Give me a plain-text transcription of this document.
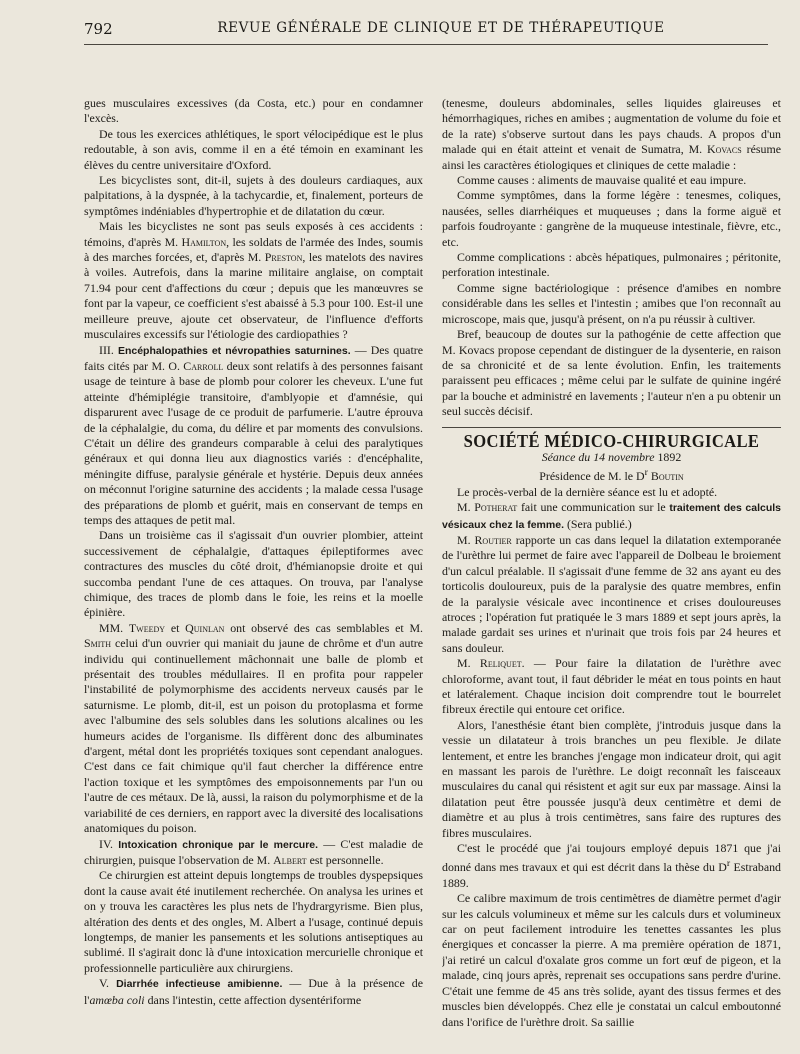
792	REVUE GÉNÉRALE DE CLINIQUE ET DE THÉRAPEUTIQUE

gues musculaires excessives (da Costa, etc.) pour en condamner l'excès.

De tous les exercices athlétiques, le sport vélocipédique est le plus redoutable, à son avis, comme il en a été témoin en examinant les élèves du centre universitaire d'Oxford.

Les bicyclistes sont, dit-il, sujets à des douleurs cardiaques, aux palpitations, à la dyspnée, à la tachycardie, et, finalement, porteurs de symptômes indéniables d'hypertrophie et de dilatation du cœur.

Mais les bicyclistes ne sont pas seuls exposés à ces accidents : témoins, d'après M. Hamilton, les soldats de l'armée des Indes, soumis à des marches forcées, et, d'après M. Preston, les matelots des navires à voiles. Autrefois, dans la marine militaire anglaise, on comptait 71.94 pour cent d'affections du cœur ; depuis que les manœuvres se font par la vapeur, ce coefficient s'est abaissé à 5.3 pour 100. Est-il une meilleure preuve, ajoute cet observateur, de l'influence d'efforts musculaires excessifs sur l'étiologie des cardiopathies ?

III. Encéphalopathies et névropathies saturnines. — Des quatre faits cités par M. O. Carroll deux sont relatifs à des personnes faisant usage de teinture à base de plomb pour colorer les cheveux. L'une fut atteinte d'hémiplégie transitoire, d'amblyopie et d'amnésie, qui disparurent avec l'usage de ce produit de parfumerie. L'autre éprouva de la céphalalgie, du coma, du délire et par moments des convulsions. C'était un délire des grandeurs comparable à celui des paralytiques généraux et qui donna lieu aux diagnostics variés : d'encéphalite, méningite diffuse, paralysie générale et hystérie. Depuis deux années on méconnut l'origine saturnine des accidents ; la malade cessa l'usage des préparations de plomb et guérit, mais en conservant de temps en temps des attaques de petit mal.

Dans un troisième cas il s'agissait d'un ouvrier plombier, atteint successivement de céphalalgie, d'attaques épileptiformes avec contractures des muscles du côté droit, d'hémianopsie droite et qui succomba pendant l'une de ces attaques. On trouva, par l'analyse chimique, des traces de plomb dans le foie, les reins et la moelle épinière.

MM. Tweedy et Quinlan ont observé des cas semblables et M. Smith celui d'un ouvrier qui maniait du jaune de chrôme et d'un autre individu qui continuellement mâchonnait une balle de plomb et présentait des troubles médullaires. Il en profita pour rappeler l'instabilité de polymorphisme des accidents nerveux causés par le saturnisme. Le plomb, dit-il, est un poison du protoplasma et forme avec l'albumine des sels solubles dans les solutions alcalines ou les humeurs acides de l'organisme. Ils diffèrent donc des albuminates d'argent, métal dont les propriétés toxiques sont cependant analogues. C'est dans ce fait chimique qu'il faut chercher la différence entre l'action toxique et les symptômes des empoisonnements par l'un ou l'autre de ces métaux. De là, aussi, la raison du polymorphisme et de la variabilité de ces derniers, en rapport avec la diversité des localisations anatomiques du poison.

IV. Intoxication chronique par le mercure. — C'est maladie de chirurgien, puisque l'observation de M. Albert est personnelle.

Ce chirurgien est atteint depuis longtemps de troubles dyspepsiques dont la cause avait été inutilement recherchée. On analysa les urines et on y trouva les caractères les plus nets de l'hydrargyrisme. Bien plus, altération des dents et des ongles, M. Albert a l'usage, continué depuis longtemps, de manier les pansements et les solutions antiseptiques au sublimé. Il s'agirait donc là d'une intoxication mercurielle chronique et professionnelle particulière aux chirurgiens.

V. Diarrhée infectieuse amibienne. — Due à la présence de l'amœba coli dans l'intestin, cette affection dysentériforme

(tenesme, douleurs abdominales, selles liquides glaireuses et hémorrhagiques, riches en amibes ; augmentation de volume du foie et de la rate) s'observe surtout dans les pays chauds. A propos d'un malade qui en était atteint et venait de Sumatra, M. Kovacs résume ainsi les caractères étiologiques et cliniques de cette maladie :

Comme causes : aliments de mauvaise qualité et eau impure.

Comme symptômes, dans la forme légère : tenesmes, coliques, nausées, selles diarrhéiques et muqueuses ; dans la forme aiguë et parfois foudroyante : gangrène de la muqueuse intestinale, fièvre, etc., etc.

Comme complications : abcès hépatiques, pulmonaires ; péritonite, perforation intestinale.

Comme signe bactériologique : présence d'amibes en nombre considérable dans les selles et l'intestin ; amibes que l'on reconnaît au microscope, mais que, jusqu'à présent, on n'a pu réussir à cultiver.

Bref, beaucoup de doutes sur la pathogénie de cette affection que M. Kovacs propose cependant de distinguer de la dysenterie, en raison de sa chronicité et de sa lente évolution. Enfin, les traitements paraissent peu efficaces ; même celui par le sulfate de quinine ingéré par la bouche et administré en lavements ; l'auteur n'en a pu obtenir un seul succès décisif.

SOCIÉTÉ MÉDICO-CHIRURGICALE

Séance du 14 novembre 1892

Présidence de M. le $D^r$ Boutin

Le procès-verbal de la dernière séance est lu et adopté.

M. Potherat fait une communication sur le traitement des calculs vésicaux chez la femme. (Sera publié.)

M. Routier rapporte un cas dans lequel la dilatation extemporanée de l'urèthre lui permet de faire avec l'appareil de Dolbeau le broiement d'un calcul préalable. Il s'agissait d'une femme de 32 ans ayant eu des torticolis douloureux, puis de la paralysie des quatre membres, enfin de la paralysie vésicale avec incontinence et crises douloureuses atroces ; l'opération fut pratiquée le 3 mars 1889 et sept jours après, la malade gardait ses urines et n'urinait que trois fois par 24 heures et sans douleur.

M. Reliquet. — Pour faire la dilatation de l'urèthre avec chloroforme, avant tout, il faut débrider le méat en tous points en haut et latéralement. Chaque incision doit comprendre tout le bourrelet fibreux érectile qui entoure cet orifice.

Alors, l'anesthésie étant bien complète, j'introduis jusque dans la vessie un dilatateur à trois branches un peu flexible. Je dilate lentement, et entre les branches j'engage mon indicateur droit, qui agit en massant les parois de l'urèthre. Le doigt reconnaît les faisceaux musculaires du canal qui résistent et agit sur eux par massage. Ainsi la dilatation peut être poussée jusqu'à deux centimètre et demi de diamètre et au plus à trois centimètres, sans faire des ruptures des fibres musculaires.

C'est le procédé que j'ai toujours employé depuis 1871 que j'ai donné dans mes travaux et qui est décrit dans la thèse du $D^r$ Estraband 1889.

Ce calibre maximum de trois centimètres de diamètre permet d'agir sur les calculs volumineux et même sur les calculs durs et volumineux car on peut facilement introduire les tenettes cassantes les plus énergiques et concasser la pierre. A ma première opération de 1871, j'ai retiré un calcul d'oxalate gros comme un fort œuf de pigeon, et la malade, cinq jours après, reprenait ses occupations sans perdre d'urine. C'était une femme de 45 ans très solide, ayant des tissus fermes et des muscles bien développés. Chez elle je constatai un calcul emboutonné dans l'orifice de l'urèthre droit. Sa saillie
